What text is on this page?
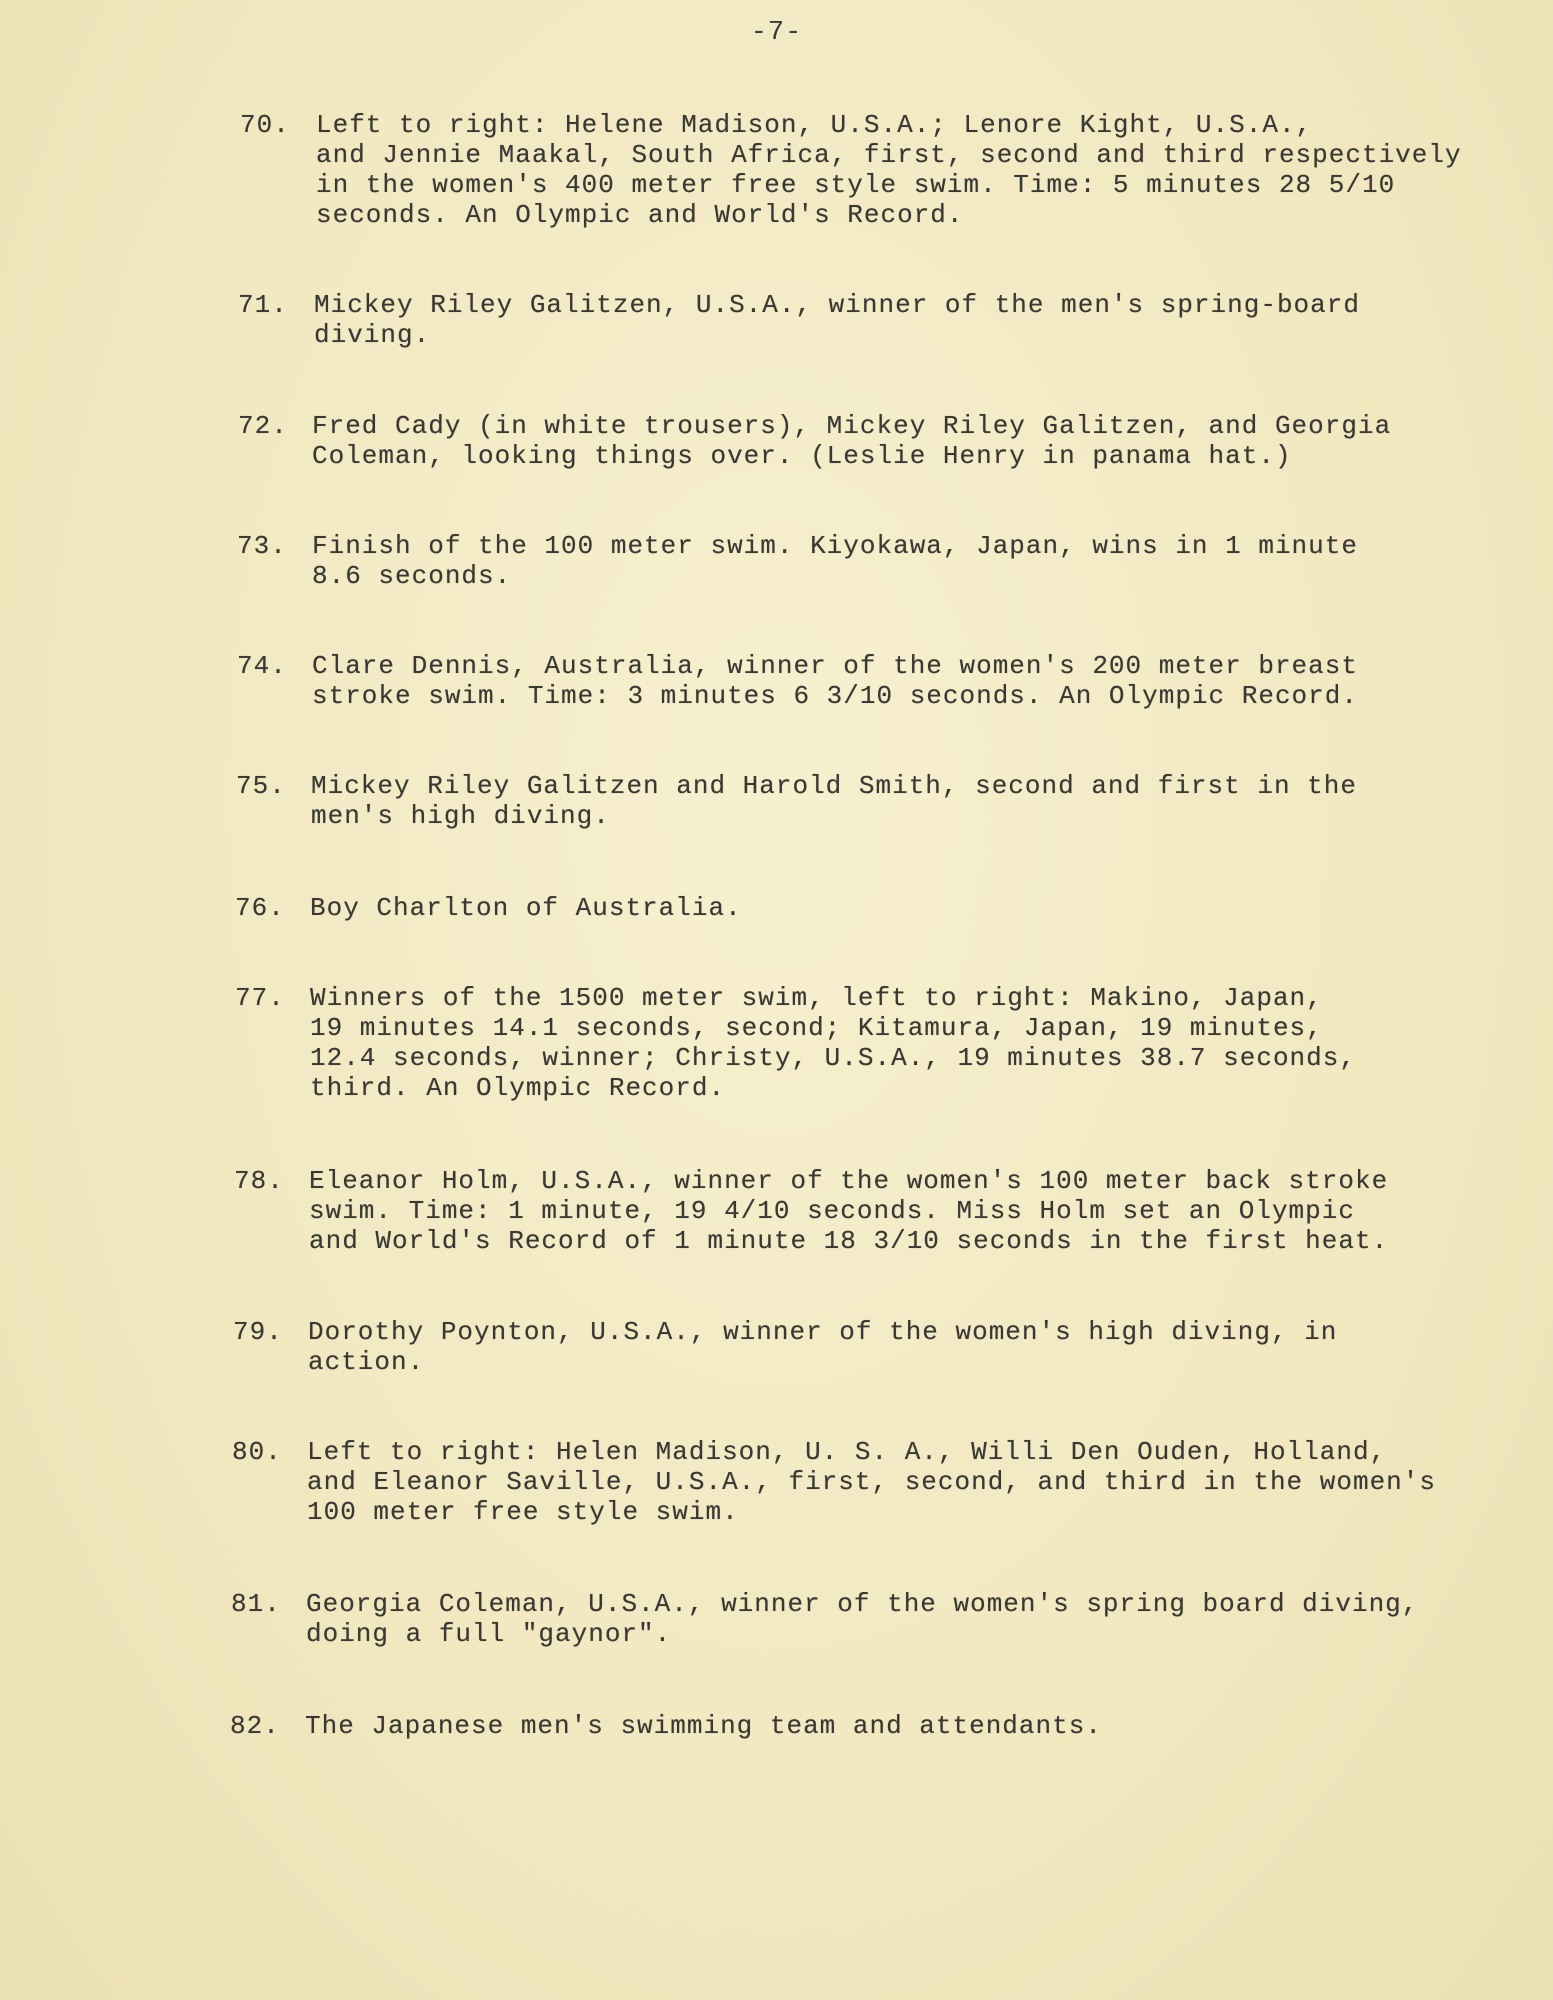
-7-
70. Left to right: Helene Madison, U.S.A.; Lenore Kight, U.S.A.,
and Jennie Maakal, South Africa, first, second and third respectively
in the women's 400 meter free style swim. Time: 5 minutes 28 5/10
seconds. An Olympic and World's Record.
71. Mickey Riley Galitzen, U.S.A., winner of the men's spring-board
diving.
72. Fred Cady (in white trousers), Mickey Riley Galitzen, and Georgia
Coleman, looking things over. (Leslie Henry in panama hat.)
73. Finish of the 100 meter swim. Kiyokawa, Japan, wins in 1 minute
8.6 seconds.
74. Clare Dennis, Australia, winner of the women's 200 meter breast
stroke swim. Time: 3 minutes 6 3/10 seconds. An Olympic Record.
75. Mickey Riley Galitzen and Harold Smith, second and first in the
men's high diving.
76. Boy Charlton of Australia.
77. Winners of the 1500 meter swim, left to right: Makino, Japan,
19 minutes 14.1 seconds, second; Kitamura, Japan, 19 minutes,
12.4 seconds, winner; Christy, U.S.A., 19 minutes 38.7 seconds,
third. An Olympic Record.
78. Eleanor Holm, U.S.A., winner of the women's 100 meter back stroke
swim. Time: 1 minute, 19 4/10 seconds. Miss Holm set an Olympic
and World's Record of 1 minute 18 3/10 seconds in the first heat.
79. Dorothy Poynton, U.S.A., winner of the women's high diving, in
action.
80. Left to right: Helen Madison, U. S. A., Willi Den Ouden, Holland,
and Eleanor Saville, U.S.A., first, second, and third in the women's
100 meter free style swim.
81. Georgia Coleman, U.S.A., winner of the women's spring board diving,
doing a full "gaynor".
82. The Japanese men's swimming team and attendants.
